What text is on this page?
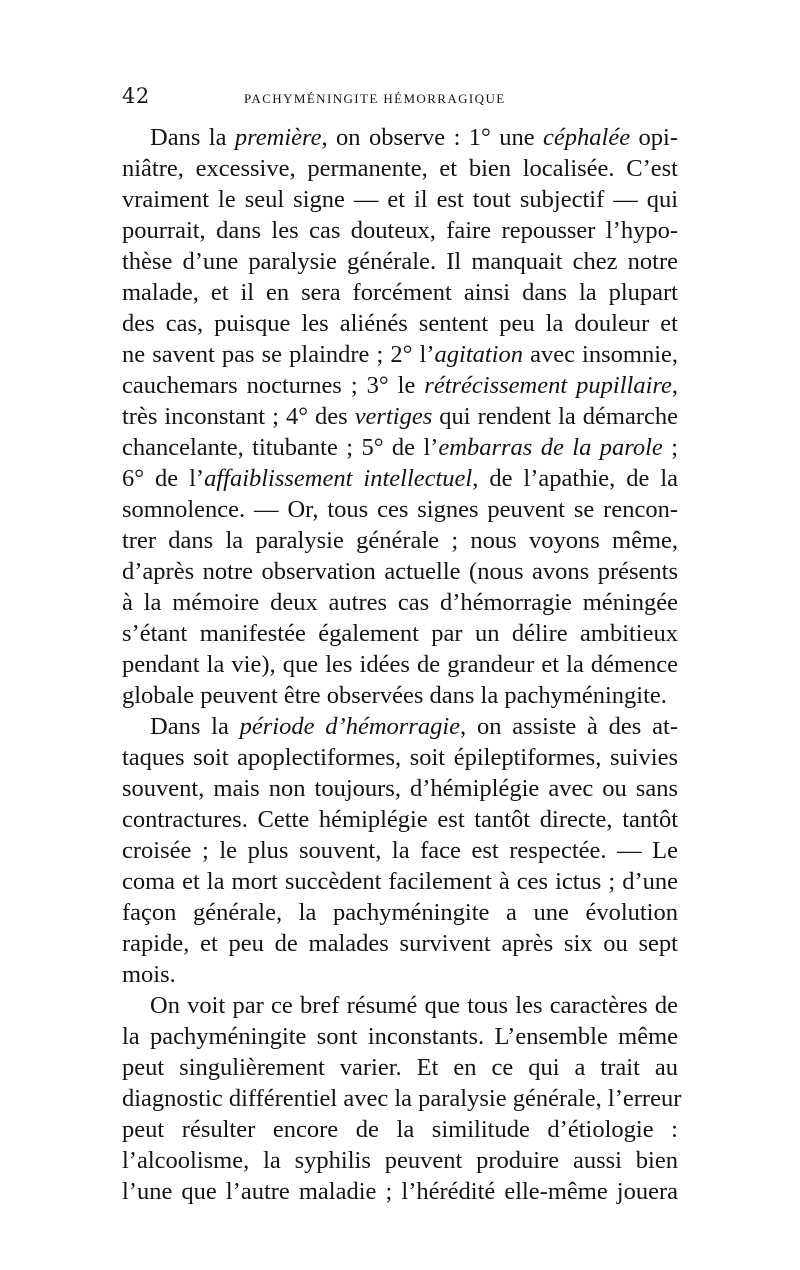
42	PACHYMÉNINGITE HÉMORRAGIQUE
Dans la première, on observe : 1° une céphalée opi-
niâtre, excessive, permanente, et bien localisée. C’est
vraiment le seul signe — et il est tout subjectif — qui
pourrait, dans les cas douteux, faire repousser l’hypo-
thèse d’une paralysie générale. Il manquait chez notre
malade, et il en sera forcément ainsi dans la plupart
des cas, puisque les aliénés sentent peu la douleur et
ne savent pas se plaindre ; 2° l’agitation avec insomnie,
cauchemars nocturnes ; 3° le rétrécissement pupillaire,
très inconstant ; 4° des vertiges qui rendent la démarche
chancelante, titubante ; 5° de l’embarras de la parole ;
6° de l’affaiblissement intellectuel, de l’apathie, de la
somnolence. — Or, tous ces signes peuvent se rencon-
trer dans la paralysie générale ; nous voyons même,
d’après notre observation actuelle (nous avons présents
à la mémoire deux autres cas d’hémorragie méningée
s’étant manifestée également par un délire ambitieux
pendant la vie), que les idées de grandeur et la démence
globale peuvent être observées dans la pachyméningite.
Dans la période d’hémorragie, on assiste à des at-
taques soit apoplectiformes, soit épileptiformes, suivies
souvent, mais non toujours, d’hémiplégie avec ou sans
contractures. Cette hémiplégie est tantôt directe, tantôt
croisée ; le plus souvent, la face est respectée. — Le
coma et la mort succèdent facilement à ces ictus ; d’une
façon générale, la pachyméningite a une évolution
rapide, et peu de malades survivent après six ou sept
mois.
On voit par ce bref résumé que tous les caractères de
la pachyméningite sont inconstants. L’ensemble même
peut singulièrement varier. Et en ce qui a trait au
diagnostic différentiel avec la paralysie générale, l’erreur
peut résulter encore de la similitude d’étiologie :
l’alcoolisme, la syphilis peuvent produire aussi bien
l’une que l’autre maladie ; l’hérédité elle-même jouera
